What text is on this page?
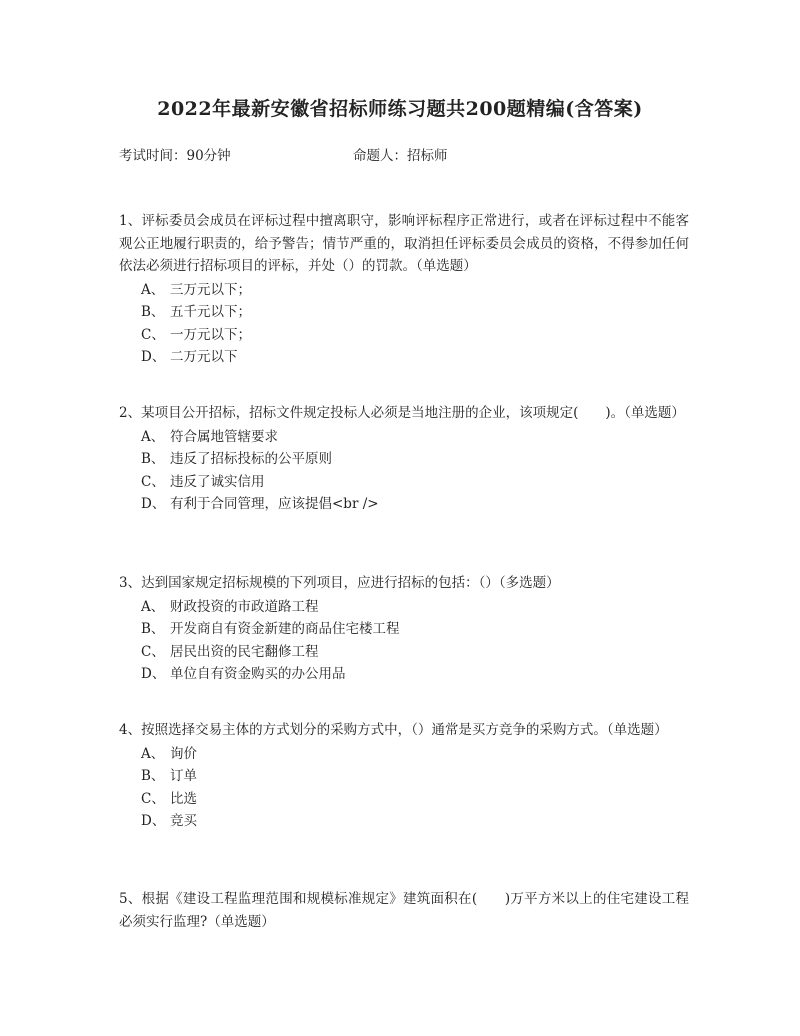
2022年最新安徽省招标师练习题共200题精编(含答案)
考试时间：90分钟	命题人：招标师

1、评标委员会成员在评标过程中擅离职守，影响评标程序正常进行，或者在评标过程中不能客观公正地履行职责的，给予警告；情节严重的，取消担任评标委员会成员的资格，不得参加任何依法必须进行招标项目的评标，并处（）的罚款。（单选题）

A、 三万元以下；
B、 五千元以下；
C、 一万元以下；
D、 二万元以下

2、某项目公开招标，招标文件规定投标人必须是当地注册的企业，该项规定(　　)。（单选题）

A、 符合属地管辖要求
B、 违反了招标投标的公平原则
C、 违反了诚实信用
D、 有利于合同管理，应该提倡<br />

3、达到国家规定招标规模的下列项目，应进行招标的包括：（）（多选题）

A、 财政投资的市政道路工程
B、 开发商自有资金新建的商品住宅楼工程
C、 居民出资的民宅翻修工程
D、 单位自有资金购买的办公用品

4、按照选择交易主体的方式划分的采购方式中，（）通常是买方竞争的采购方式。（单选题）

A、 询价
B、 订单
C、 比选
D、 竞买

5、根据《建设工程监理范围和规模标准规定》建筑面积在(　　)万平方米以上的住宅建设工程必须实行监理?（单选题）
